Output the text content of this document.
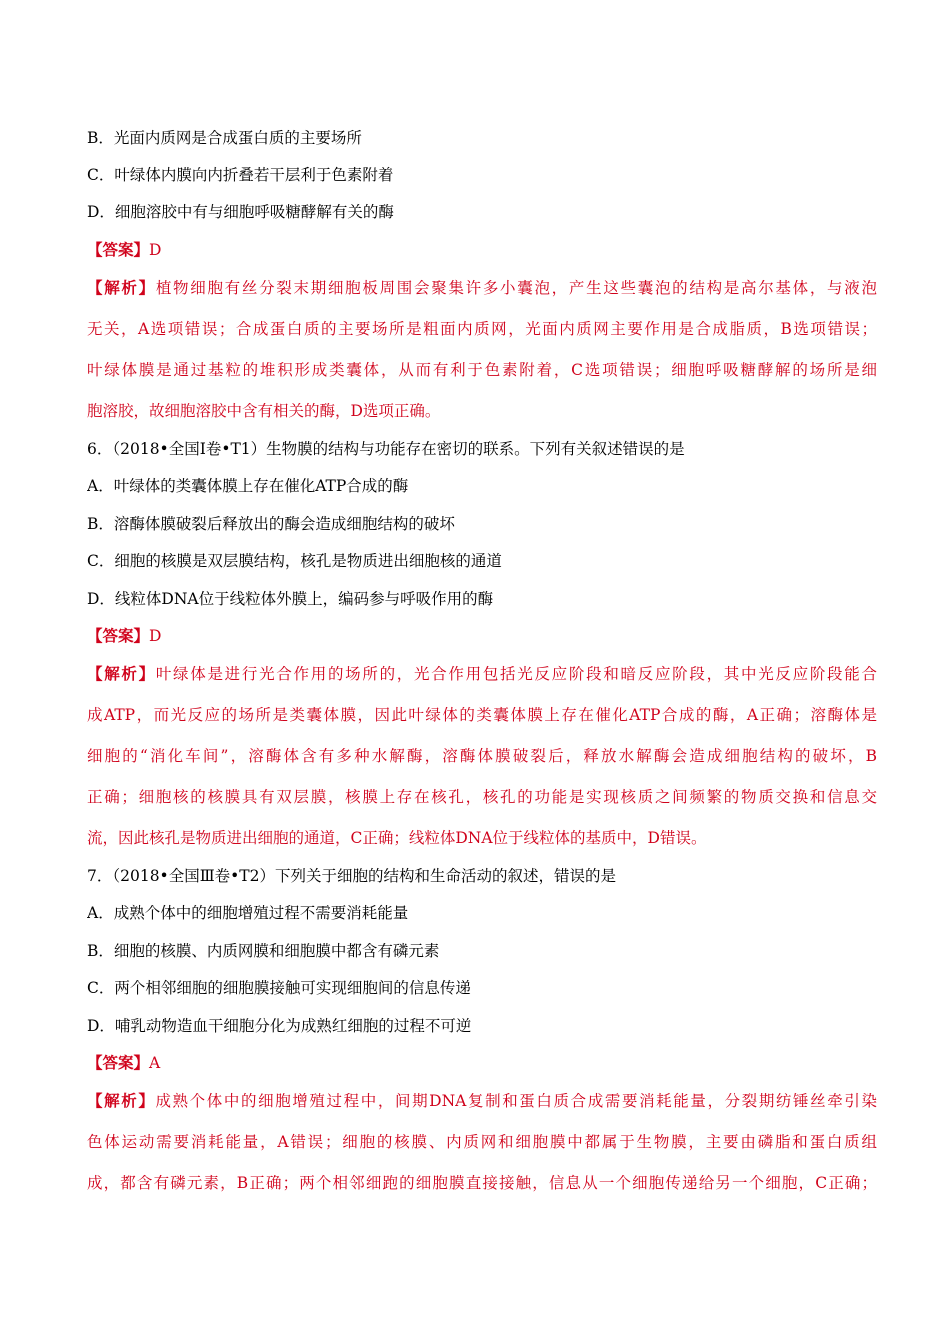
B．光面内质网是合成蛋白质的主要场所
C．叶绿体内膜向内折叠若干层利于色素附着
D．细胞溶胶中有与细胞呼吸糖酵解有关的酶
【答案】D
【解析】植物细胞有丝分裂末期细胞板周围会聚集许多小囊泡，产生这些囊泡的结构是高尔基体，与液泡
无关，A选项错误；合成蛋白质的主要场所是粗面内质网，光面内质网主要作用是合成脂质，B选项错误；
叶绿体膜是通过基粒的堆积形成类囊体，从而有利于色素附着，C选项错误；细胞呼吸糖酵解的场所是细
胞溶胶，故细胞溶胶中含有相关的酶，D选项正确。
6．（2018•全国Ⅰ卷•T1）生物膜的结构与功能存在密切的联系。下列有关叙述错误的是
A．叶绿体的类囊体膜上存在催化ATP合成的酶
B．溶酶体膜破裂后释放出的酶会造成细胞结构的破坏
C．细胞的核膜是双层膜结构，核孔是物质进出细胞核的通道
D．线粒体DNA位于线粒体外膜上，编码参与呼吸作用的酶
【答案】D
【解析】叶绿体是进行光合作用的场所的，光合作用包括光反应阶段和暗反应阶段，其中光反应阶段能合
成ATP，而光反应的场所是类囊体膜，因此叶绿体的类囊体膜上存在催化ATP合成的酶，A正确；溶酶体是
细胞的“消化车间”，溶酶体含有多种水解酶，溶酶体膜破裂后，释放水解酶会造成细胞结构的破坏，B
正确；细胞核的核膜具有双层膜，核膜上存在核孔，核孔的功能是实现核质之间频繁的物质交换和信息交
流，因此核孔是物质进出细胞的通道，C正确；线粒体DNA位于线粒体的基质中，D错误。
7．（2018•全国Ⅲ卷•T2）下列关于细胞的结构和生命活动的叙述，错误的是
A．成熟个体中的细胞增殖过程不需要消耗能量
B．细胞的核膜、内质网膜和细胞膜中都含有磷元素
C．两个相邻细胞的细胞膜接触可实现细胞间的信息传递
D．哺乳动物造血干细胞分化为成熟红细胞的过程不可逆
【答案】A
【解析】成熟个体中的细胞增殖过程中，间期DNA复制和蛋白质合成需要消耗能量，分裂期纺锤丝牵引染
色体运动需要消耗能量，A错误；细胞的核膜、内质网和细胞膜中都属于生物膜，主要由磷脂和蛋白质组
成，都含有磷元素，B正确；两个相邻细跑的细胞膜直接接触，信息从一个细胞传递给另一个细胞，C正确；
